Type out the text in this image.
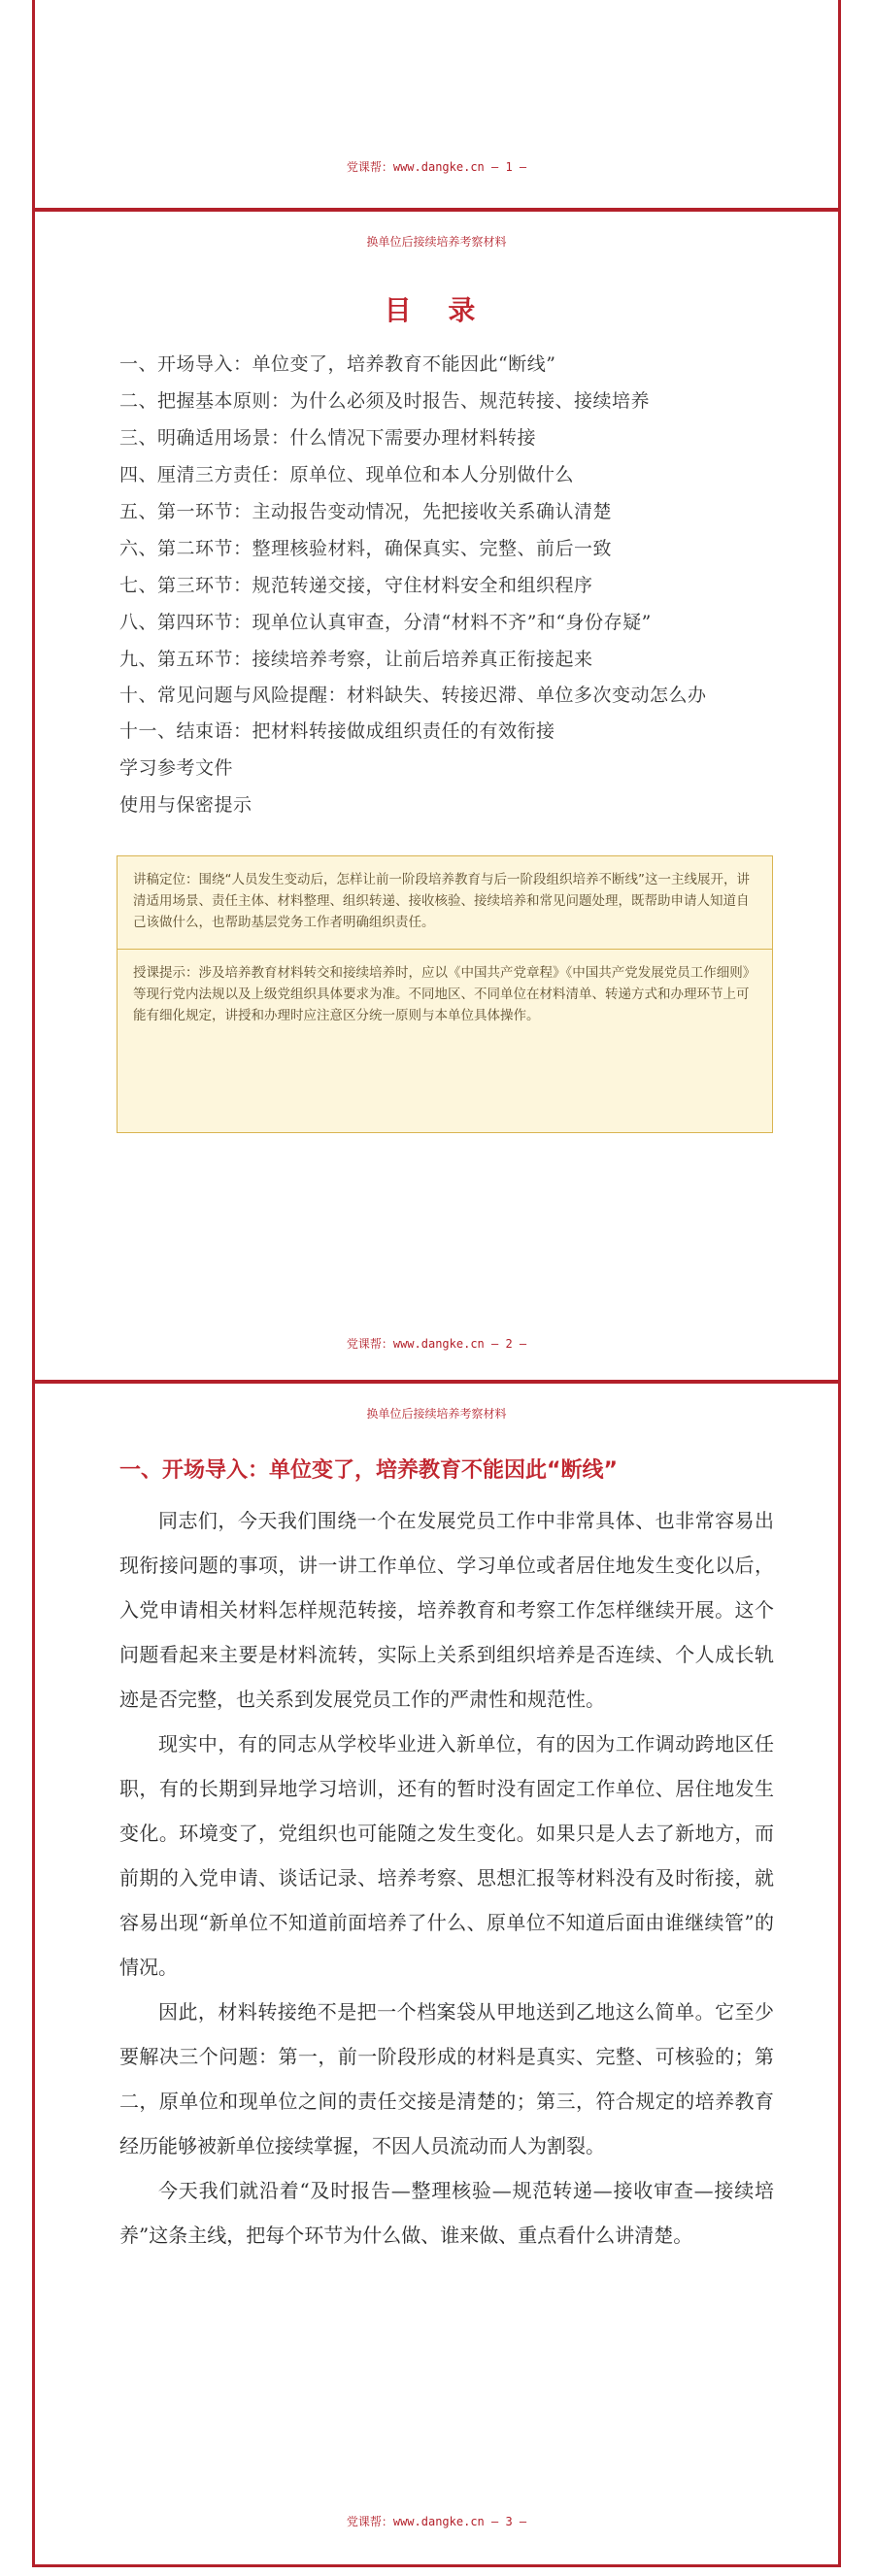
党课帮：www.dangke.cn — 1 —
换单位后接续培养考察材料
目 录
一、开场导入：单位变了，培养教育不能因此“断线”
二、把握基本原则：为什么必须及时报告、规范转接、接续培养
三、明确适用场景：什么情况下需要办理材料转接
四、厘清三方责任：原单位、现单位和本人分别做什么
五、第一环节：主动报告变动情况，先把接收关系确认清楚
六、第二环节：整理核验材料，确保真实、完整、前后一致
七、第三环节：规范转递交接，守住材料安全和组织程序
八、第四环节：现单位认真审查，分清“材料不齐”和“身份存疑”
九、第五环节：接续培养考察，让前后培养真正衔接起来
十、常见问题与风险提醒：材料缺失、转接迟滞、单位多次变动怎么办
十一、结束语：把材料转接做成组织责任的有效衔接
学习参考文件
使用与保密提示
讲稿定位：围绕“人员发生变动后，怎样让前一阶段培养教育与后一阶段组织培养不断线”这一主线展开，讲清适用场景、责任主体、材料整理、组织转递、接收核验、接续培养和常见问题处理，既帮助申请人知道自己该做什么，也帮助基层党务工作者明确组织责任。
授课提示：涉及培养教育材料转交和接续培养时，应以《中国共产党章程》《中国共产党发展党员工作细则》等现行党内法规以及上级党组织具体要求为准。不同地区、不同单位在材料清单、转递方式和办理环节上可能有细化规定，讲授和办理时应注意区分统一原则与本单位具体操作。
党课帮：www.dangke.cn — 2 —
换单位后接续培养考察材料
一、开场导入：单位变了，培养教育不能因此“断线”

同志们，今天我们围绕一个在发展党员工作中非常具体、也非常容易出现衔接问题的事项，讲一讲工作单位、学习单位或者居住地发生变化以后，入党申请相关材料怎样规范转接，培养教育和考察工作怎样继续开展。这个问题看起来主要是材料流转，实际上关系到组织培养是否连续、个人成长轨迹是否完整，也关系到发展党员工作的严肃性和规范性。

现实中，有的同志从学校毕业进入新单位，有的因为工作调动跨地区任职，有的长期到异地学习培训，还有的暂时没有固定工作单位、居住地发生变化。环境变了，党组织也可能随之发生变化。如果只是人去了新地方，而前期的入党申请、谈话记录、培养考察、思想汇报等材料没有及时衔接，就容易出现“新单位不知道前面培养了什么、原单位不知道后面由谁继续管”的情况。

因此，材料转接绝不是把一个档案袋从甲地送到乙地这么简单。它至少要解决三个问题：第一，前一阶段形成的材料是真实、完整、可核验的；第二，原单位和现单位之间的责任交接是清楚的；第三，符合规定的培养教育经历能够被新单位接续掌握，不因人员流动而人为割裂。

今天我们就沿着“及时报告—整理核验—规范转递—接收审查—接续培养”这条主线，把每个环节为什么做、谁来做、重点看什么讲清楚。

党课帮：www.dangke.cn — 3 —
